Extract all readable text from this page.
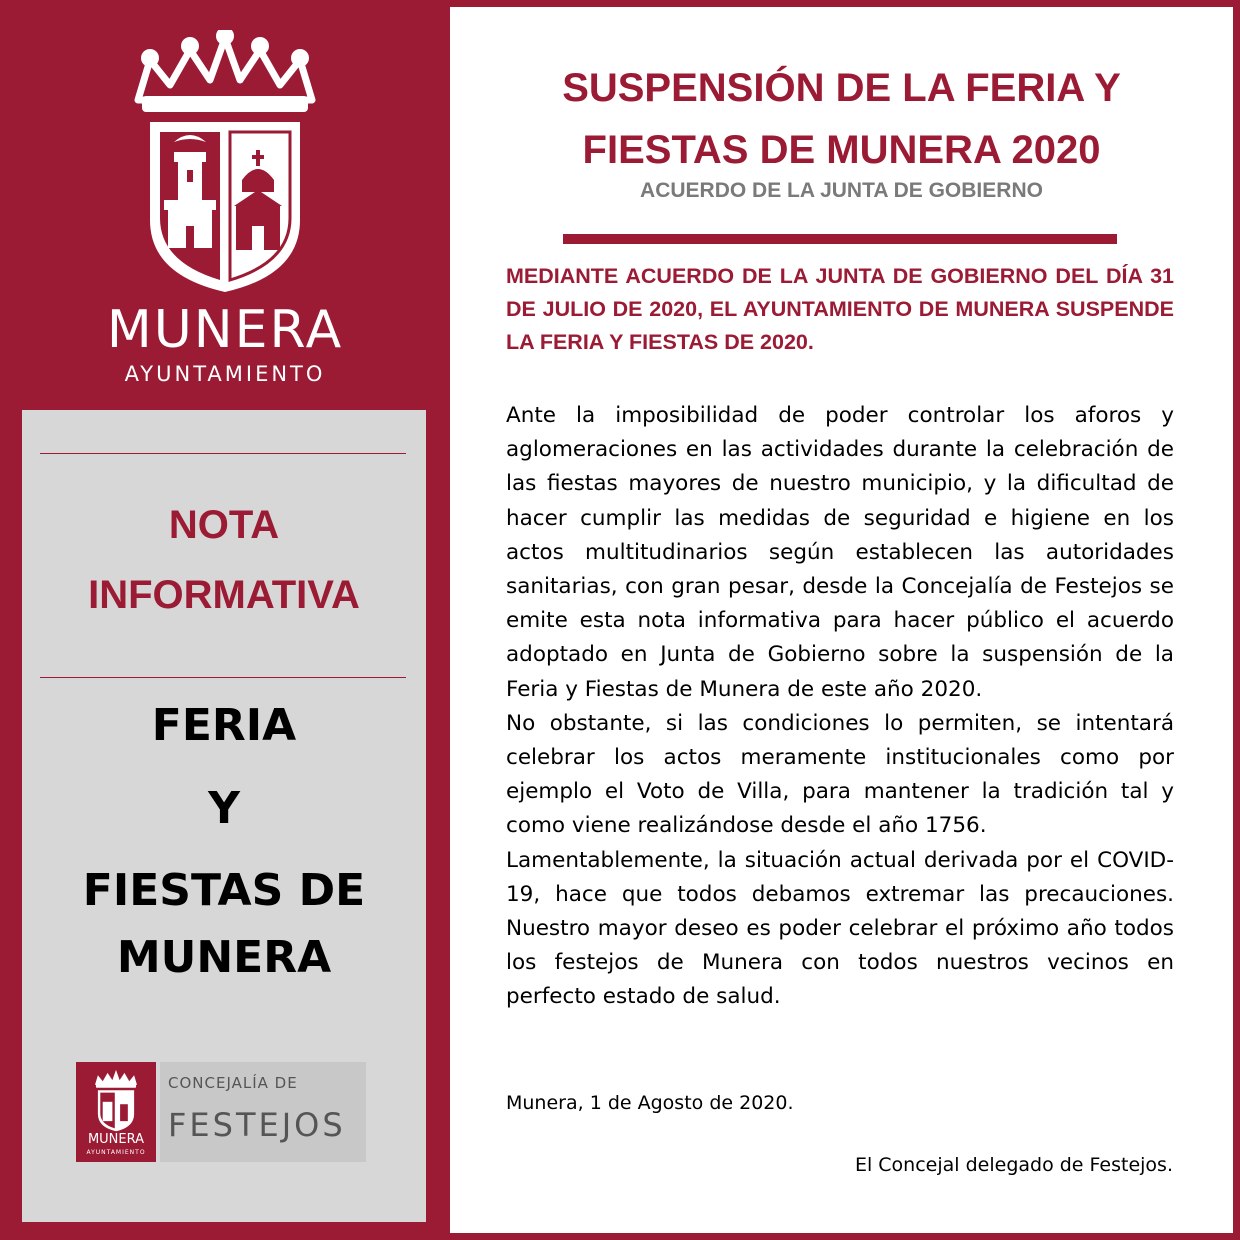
MUNERA
AYUNTAMIENTO
NOTA
INFORMATIVA
FERIA
Y
FIESTAS DE
MUNERA
MUNERA
AYUNTAMIENTO
CONCEJALÍA DE
FESTEJOS
SUSPENSIÓN DE LA FERIA Y
FIESTAS DE MUNERA 2020
ACUERDO DE LA JUNTA DE GOBIERNO
MEDIANTE ACUERDO DE LA JUNTA DE GOBIERNO DEL DÍA 31 DE JULIO DE 2020, EL AYUNTAMIENTO DE MUNERA SUSPENDE LA FERIA Y FIESTAS DE 2020.

Ante la imposibilidad de poder controlar los aforos y aglomeraciones en las actividades durante la celebración de las fiestas mayores de nuestro municipio, y la dificultad de hacer cumplir las medidas de seguridad e higiene en los actos multitudinarios según establecen las autoridades sanitarias, con gran pesar, desde la Concejalía de Festejos se emite esta nota informativa para hacer público el acuerdo adoptado en Junta de Gobierno sobre la suspensión de la Feria y Fiestas de Munera de este año 2020.

No obstante, si las condiciones lo permiten, se intentará celebrar los actos meramente institucionales como por ejemplo el Voto de Villa, para mantener la tradición tal y como viene realizándose desde el año 1756.

Lamentablemente, la situación actual derivada por el COVID-19, hace que todos debamos extremar las precauciones. Nuestro mayor deseo es poder celebrar el próximo año todos los festejos de Munera con todos nuestros vecinos en perfecto estado de salud.

Munera, 1 de Agosto de 2020.
El Concejal delegado de Festejos.
